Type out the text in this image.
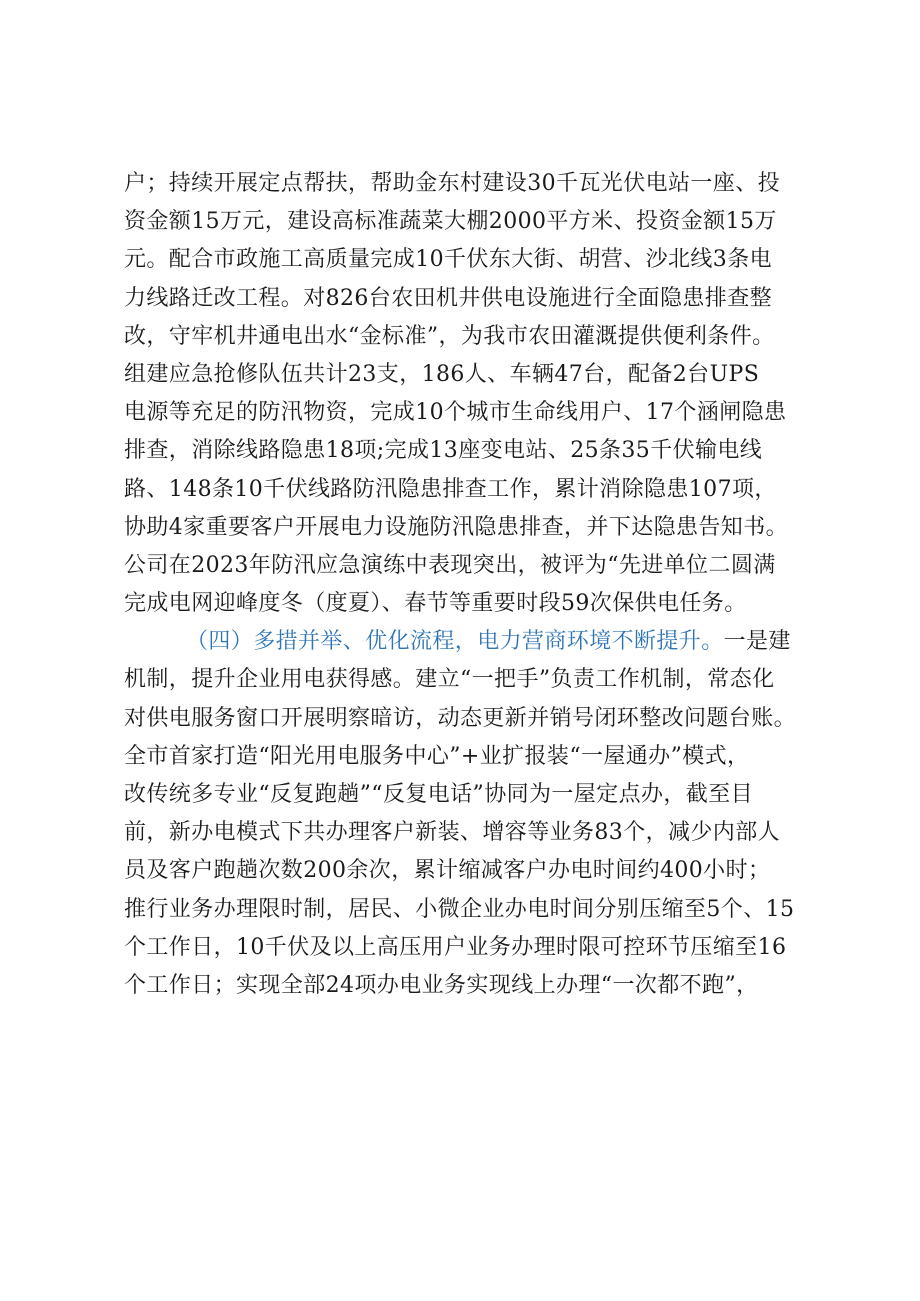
户；持续开展定点帮扶，帮助金东村建设30千瓦光伏电站一座、投
资金额15万元，建设高标准蔬菜大棚2000平方米、投资金额15万
元。配合市政施工高质量完成10千伏东大街、胡营、沙北线3条电
力线路迁改工程。对826台农田机井供电设施进行全面隐患排查整
改，守牢机井通电出水“金标准”，为我市农田灌溉提供便利条件。
组建应急抢修队伍共计23支，186人、车辆47台，配备2台UPS
电源等充足的防汛物资，完成10个城市生命线用户、17个涵闸隐患
排查，消除线路隐患18项;完成13座变电站、25条35千伏输电线
路、148条10千伏线路防汛隐患排查工作，累计消除隐患107项，
协助4家重要客户开展电力设施防汛隐患排查，并下达隐患告知书。
公司在2023年防汛应急演练中表现突出，被评为“先进单位二圆满
完成电网迎峰度冬（度夏）、春节等重要时段59次保供电任务。
（四）多措并举、优化流程，电力营商环境不断提升。一是建
机制，提升企业用电获得感。建立“一把手”负责工作机制，常态化
对供电服务窗口开展明察暗访，动态更新并销号闭环整改问题台账。
全市首家打造“阳光用电服务中心”+业扩报装“一屋通办”模式，
改传统多专业“反复跑趟”“反复电话”协同为一屋定点办，截至目
前，新办电模式下共办理客户新装、增容等业务83个，减少内部人
员及客户跑趟次数200余次，累计缩减客户办电时间约400小时；
推行业务办理限时制，居民、小微企业办电时间分别压缩至5个、15
个工作日，10千伏及以上高压用户业务办理时限可控环节压缩至16
个工作日；实现全部24项办电业务实现线上办理“一次都不跑”，
